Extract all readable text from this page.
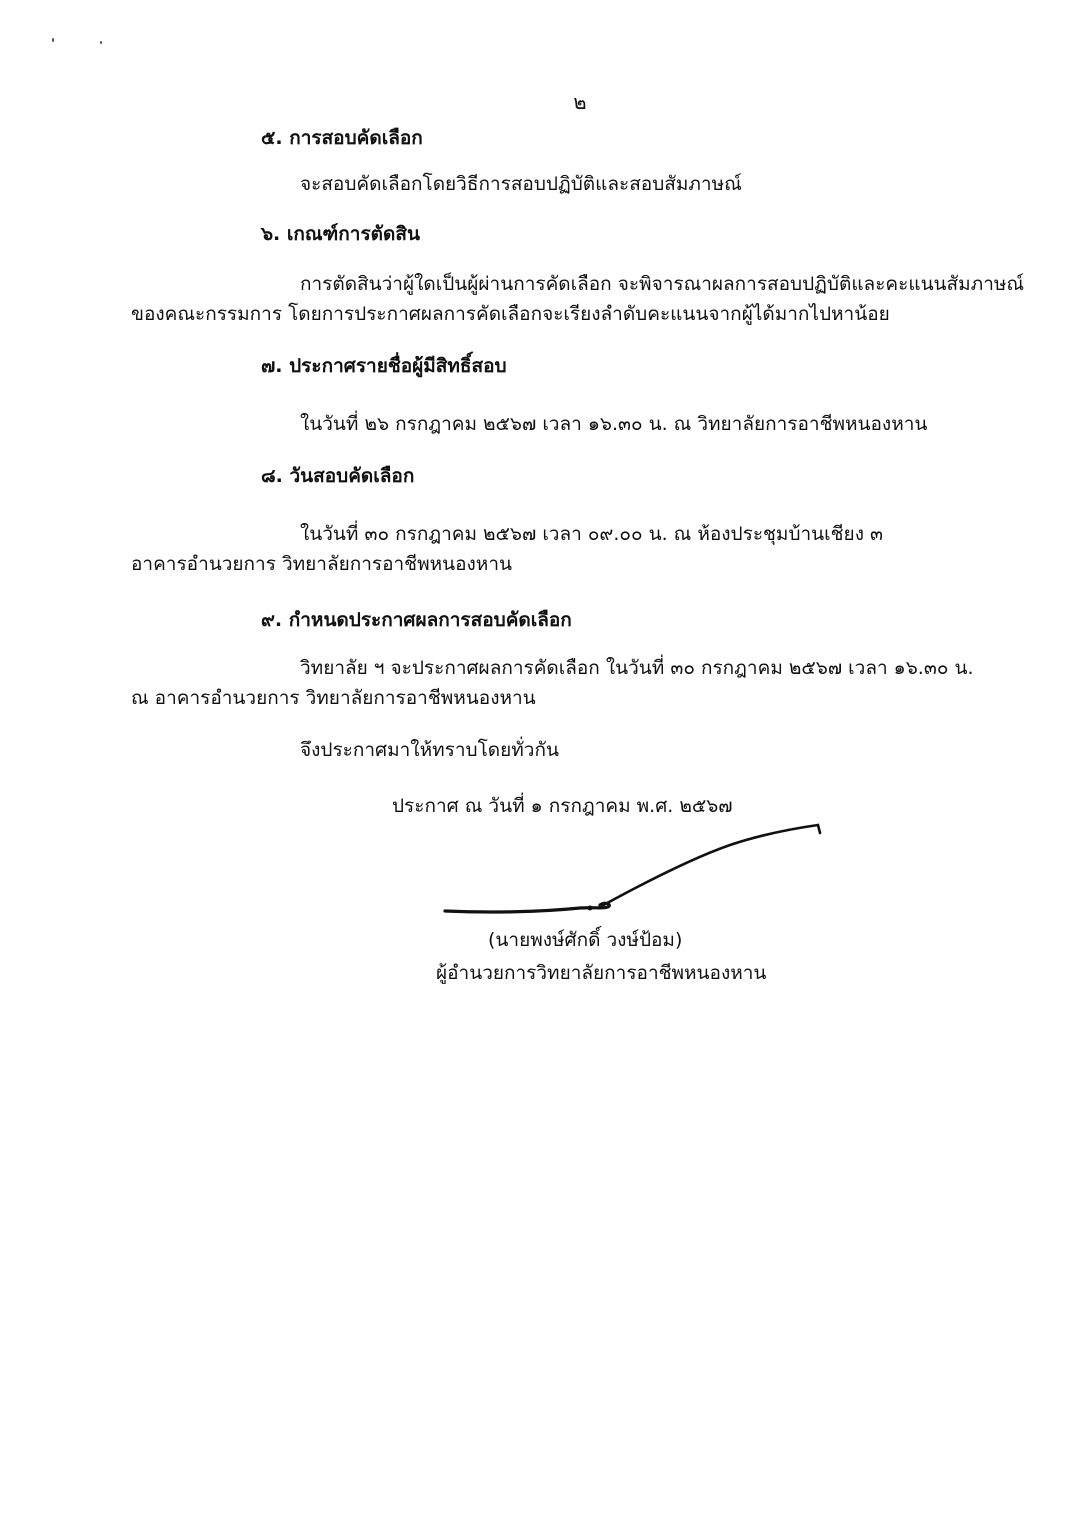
๒
๕. การสอบคัดเลือก
จะสอบคัดเลือกโดยวิธีการสอบปฏิบัติและสอบสัมภาษณ์
๖. เกณฑ์การตัดสิน
การตัดสินว่าผู้ใดเป็นผู้ผ่านการคัดเลือก จะพิจารณาผลการสอบปฏิบัติและคะแนนสัมภาษณ์
ของคณะกรรมการ โดยการประกาศผลการคัดเลือกจะเรียงลำดับคะแนนจากผู้ได้มากไปหาน้อย
๗. ประกาศรายชื่อผู้มีสิทธิ์สอบ
ในวันที่ ๒๖ กรกฎาคม ๒๕๖๗ เวลา ๑๖.๓๐ น. ณ วิทยาลัยการอาชีพหนองหาน
๘. วันสอบคัดเลือก
ในวันที่ ๓๐ กรกฎาคม ๒๕๖๗ เวลา ๐๙.๐๐ น. ณ ห้องประชุมบ้านเชียง ๓
อาคารอำนวยการ วิทยาลัยการอาชีพหนองหาน
๙. กำหนดประกาศผลการสอบคัดเลือก
วิทยาลัย ฯ จะประกาศผลการคัดเลือก ในวันที่ ๓๐ กรกฎาคม ๒๕๖๗ เวลา ๑๖.๓๐ น.
ณ อาคารอำนวยการ วิทยาลัยการอาชีพหนองหาน
จึงประกาศมาให้ทราบโดยทั่วกัน
ประกาศ ณ วันที่ ๑ กรกฎาคม พ.ศ. ๒๕๖๗
(นายพงษ์ศักดิ์ วงษ์ป้อม)
ผู้อำนวยการวิทยาลัยการอาชีพหนองหาน
